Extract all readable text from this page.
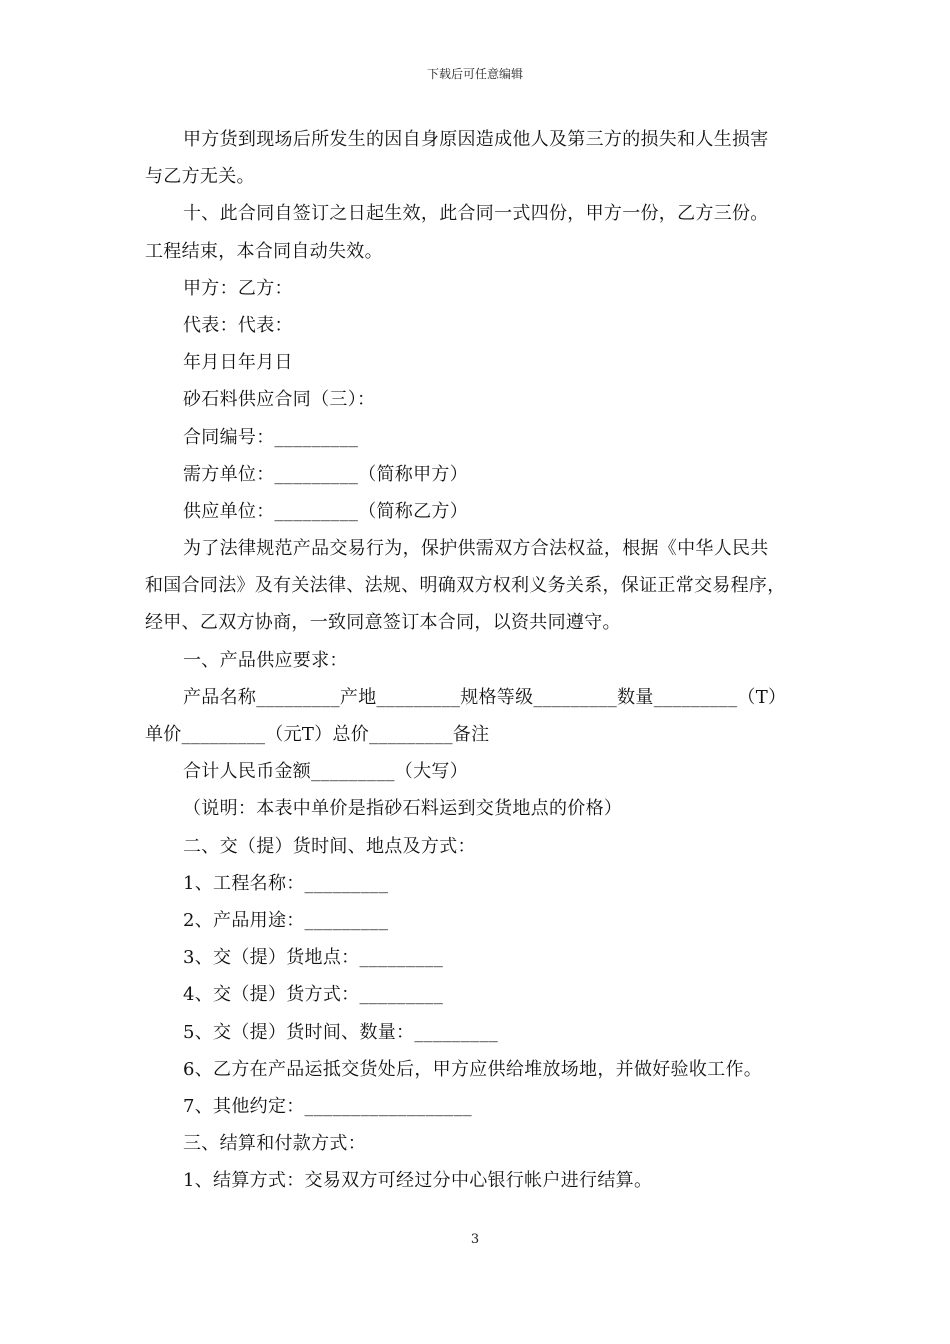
下载后可任意编辑
甲方货到现场后所发生的因自身原因造成他人及第三方的损失和人生损害
与乙方无关。
十、此合同自签订之日起生效，此合同一式四份，甲方一份，乙方三份。
工程结束，本合同自动失效。
甲方：乙方：
代表：代表：
年月日年月日
砂石料供应合同（三）：
合同编号：_________
需方单位：_________（简称甲方）
供应单位：_________（简称乙方）
为了法律规范产品交易行为，保护供需双方合法权益，根据《中华人民共
和国合同法》及有关法律、法规、明确双方权利义务关系，保证正常交易程序，
经甲、乙双方协商，一致同意签订本合同，以资共同遵守。
一、产品供应要求：
产品名称_________产地_________规格等级_________数量_________（T）
单价_________（元T）总价_________备注
合计人民币金额_________（大写）
（说明：本表中单价是指砂石料运到交货地点的价格）
二、交（提）货时间、地点及方式：
1、工程名称：_________
2、产品用途：_________
3、交（提）货地点：_________
4、交（提）货方式：_________
5、交（提）货时间、数量：_________
6、乙方在产品运抵交货处后，甲方应供给堆放场地，并做好验收工作。
7、其他约定：__________________
三、结算和付款方式：
1、结算方式：交易双方可经过分中心银行帐户进行结算。
3
